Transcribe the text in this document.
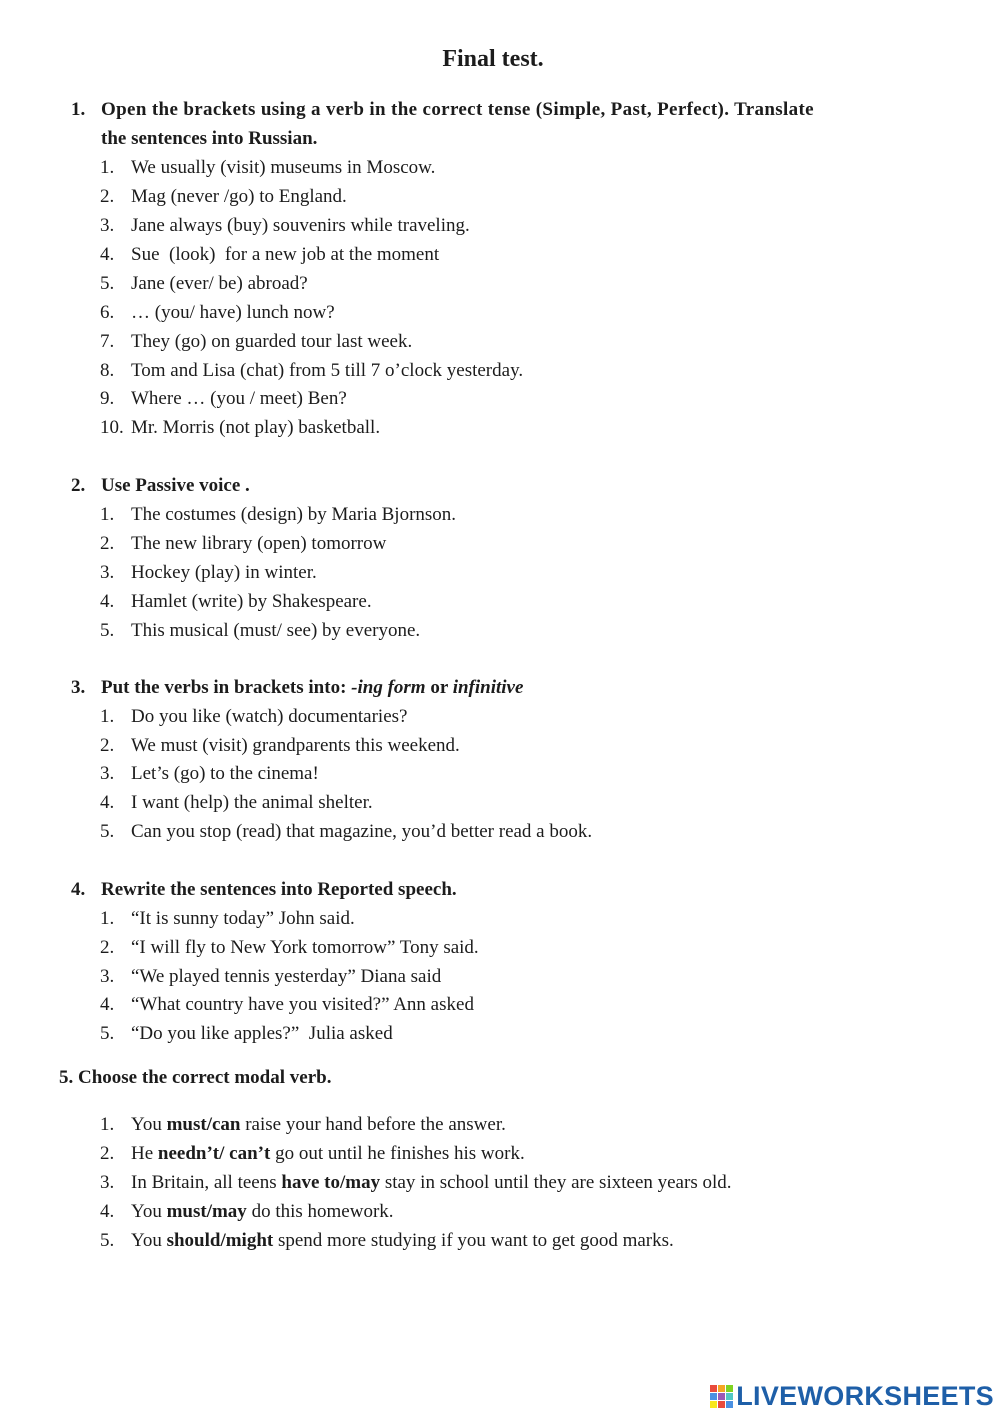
Final test.
1. Open the brackets using a verb in the correct tense (Simple, Past, Perfect). Translate
the sentences into Russian.
1. We usually (visit) museums in Moscow.
2. Mag (never /go) to England.
3. Jane always (buy) souvenirs while traveling.
4. Sue  (look)  for a new job at the moment
5. Jane (ever/ be) abroad?
6. … (you/ have) lunch now?
7. They (go) on guarded tour last week.
8. Tom and Lisa (chat) from 5 till 7 o’clock yesterday.
9. Where … (you / meet) Ben?
10. Mr. Morris (not play) basketball.
2. Use Passive voice .
1. The costumes (design) by Maria Bjornson.
2. The new library (open) tomorrow
3. Hockey (play) in winter.
4. Hamlet (write) by Shakespeare.
5. This musical (must/ see) by everyone.
3. Put the verbs in brackets into: -ing form or infinitive
1. Do you like (watch) documentaries?
2. We must (visit) grandparents this weekend.
3. Let’s (go) to the cinema!
4. I want (help) the animal shelter.
5. Can you stop (read) that magazine, you’d better read a book.
4. Rewrite the sentences into Reported speech.
1. “It is sunny today” John said.
2. “I will fly to New York tomorrow” Tony said.
3. “We played tennis yesterday” Diana said
4. “What country have you visited?” Ann asked
5. “Do you like apples?”  Julia asked
5. Choose the correct modal verb.
1. You must/can raise your hand before the answer.
2. He needn’t/ can’t go out until he finishes his work.
3. In Britain, all teens have to/may stay in school until they are sixteen years old.
4. You must/may do this homework.
5. You should/might spend more studying if you want to get good marks.
LIVEWORKSHEETS
